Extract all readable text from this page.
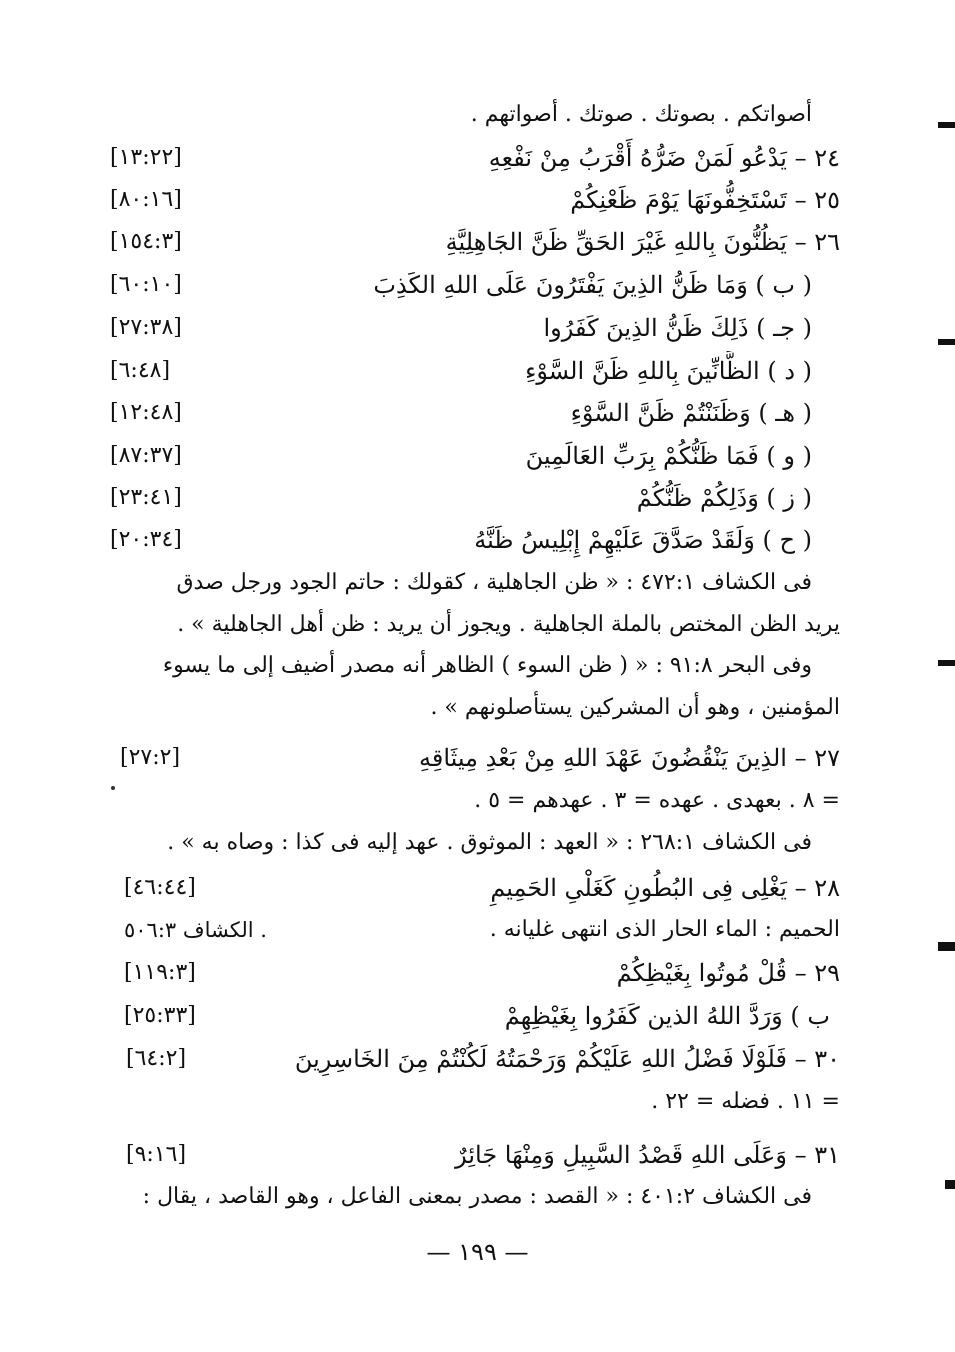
أصواتكم . بصوتك . صوتك . أصواتهم .
٢٤ – يَدْعُو لَمَنْ ضَرُّهُ أَقْرَبُ مِنْ نَفْعِهِ
[١٣:٢٢]
٢٥ – تَسْتَخِفُّونَهَا يَوْمَ ظَعْنِكُمْ
[٨٠:١٦]
٢٦ – يَظُنُّونَ بِاللهِ غَيْرَ الحَقِّ ظَنَّ الجَاهِلِيَّةِ
[١٥٤:٣]
( ب ) وَمَا ظَنُّ الذِينَ يَفْتَرُونَ عَلَى اللهِ الكَذِبَ
[٦٠:١٠]
( جـ ) ذَلِكَ ظَنُّ الذِينَ كَفَرُوا
[٢٧:٣٨]
( د ) الظَّانِّينَ بِاللهِ ظَنَّ السَّوْءِ
[٦:٤٨]
( هـ ) وَظَنَنْتُمْ ظَنَّ السَّوْءِ
[١٢:٤٨]
( و ) فَمَا ظَنُّكُمْ بِرَبِّ العَالَمِينَ
[٨٧:٣٧]
( ز ) وَذَلِكُمْ ظَنُّكُمْ
[٢٣:٤١]
( ح ) وَلَقَدْ صَدَّقَ عَلَيْهِمْ إِبْلِيسُ ظَنَّهُ
[٢٠:٣٤]
فى الكشاف ٤٧٢:١ : « ظن الجاهلية ، كقولك : حاتم الجود ورجل صدق
يريد الظن المختص بالملة الجاهلية . ويجوز أن يريد : ظن أهل الجاهلية » .
وفى البحر ٩١:٨ : « ( ظن السوء ) الظاهر أنه مصدر أضيف إلى ما يسوء
المؤمنين ، وهو أن المشركين يستأصلونهم » .
٢٧ – الذِينَ يَنْقُضُونَ عَهْدَ اللهِ مِنْ بَعْدِ مِيثَاقِهِ
[٢٧:٢]
= ٨ . بعهدى . عهده = ٣ . عهدهم = ٥ .
فى الكشاف ٢٦٨:١ : « العهد : الموثوق . عهد إليه فى كذا : وصاه به » .
٢٨ – يَغْلِى فِى البُطُونِ كَغَلْىِ الحَمِيمِ
[٤٦:٤٤]
الحميم : الماء الحار الذى انتهى غليانه .
الكشاف ٥٠٦:٣ .
٢٩ – قُلْ مُوتُوا بِغَيْظِكُمْ
[١١٩:٣]
ب ) وَرَدَّ اللهُ الذين كَفَرُوا بِغَيْظِهِمْ
[٢٥:٣٣]
٣٠ – فَلَوْلَا فَضْلُ اللهِ عَلَيْكُمْ وَرَحْمَتُهُ لَكُنْتُمْ مِنَ الخَاسِرِينَ
[٦٤:٢]
= ١١ . فضله = ٢٢ .
٣١ – وَعَلَى اللهِ قَصْدُ السَّبِيلِ وَمِنْهَا جَائِرٌ
[٩:١٦]
فى الكشاف ٤٠١:٢ : « القصد : مصدر بمعنى الفاعل ، وهو القاصد ، يقال :
— ١٩٩ —
